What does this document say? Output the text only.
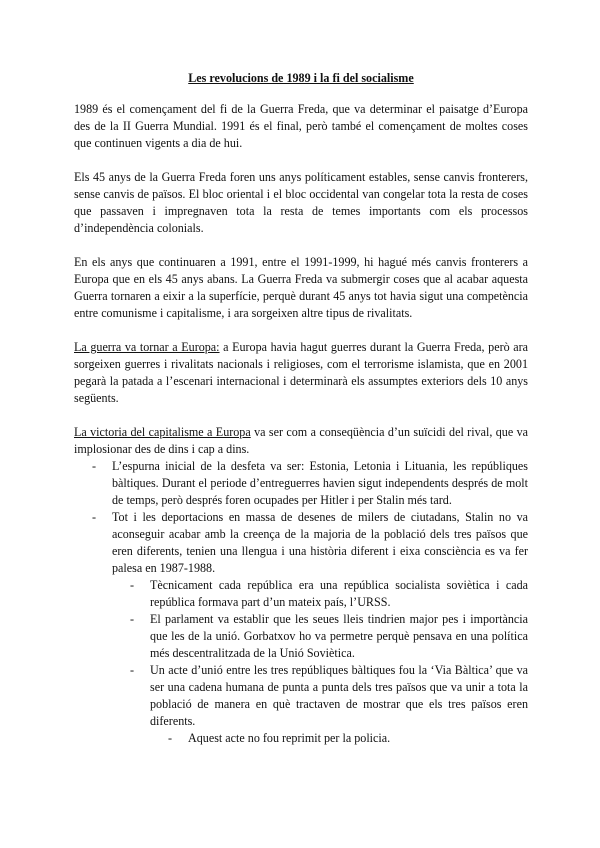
Les revolucions de 1989 i la fi del socialisme

1989 és el començament del fi de la Guerra Freda, que va determinar el paisatge d’Europa des de la II Guerra Mundial. 1991 és el final, però també el començament de moltes coses que continuen vigents a dia de hui.

Els 45 anys de la Guerra Freda foren uns anys políticament estables, sense canvis fronterers, sense canvis de països. El bloc oriental i el bloc occidental van congelar tota la resta de coses que passaven i impregnaven tota la resta de temes importants com els processos d’independència colonials.

En els anys que continuaren a 1991, entre el 1991-1999, hi hagué més canvis fronterers a Europa que en els 45 anys abans. La Guerra Freda va submergir coses que al acabar aquesta Guerra tornaren a eixir a la superfície, perquè durant 45 anys tot havia sigut una competència entre comunisme i capitalisme, i ara sorgeixen altre tipus de rivalitats.

La guerra va tornar a Europa: a Europa havia hagut guerres durant la Guerra Freda, però ara sorgeixen guerres i rivalitats nacionals i religioses, com el terrorisme islamista, que en 2001 pegarà la patada a l’escenari internacional i determinarà els assumptes exteriors dels 10 anys següents.

La victoria del capitalisme a Europa va ser com a conseqüència d’un suïcidi del rival, que va implosionar des de dins i cap a dins.
- L’espurna inicial de la desfeta va ser: Estonia, Letonia i Lituania, les repúbliques bàltiques. Durant el periode d’entreguerres havien sigut independents després de molt de temps, però després foren ocupades per Hitler i per Stalin més tard.
- Tot i les deportacions en massa de desenes de milers de ciutadans, Stalin no va aconseguir acabar amb la creença de la majoria de la població dels tres països que eren diferents, tenien una llengua i una història diferent i eixa consciència es va fer palesa en 1987-1988.
- Tècnicament cada república era una república socialista soviètica i cada república formava part d’un mateix país, l’URSS.
- El parlament va establir que les seues lleis tindrien major pes i importància que les de la unió. Gorbatxov ho va permetre perquè pensava en una política més descentralitzada de la Unió Soviètica.
- Un acte d’unió entre les tres repúbliques bàltiques fou la ‘Via Bàltica’ que va ser una cadena humana de punta a punta dels tres països que va unir a tota la població de manera en què tractaven de mostrar que els tres països eren diferents.
- Aquest acte no fou reprimit per la policia.
